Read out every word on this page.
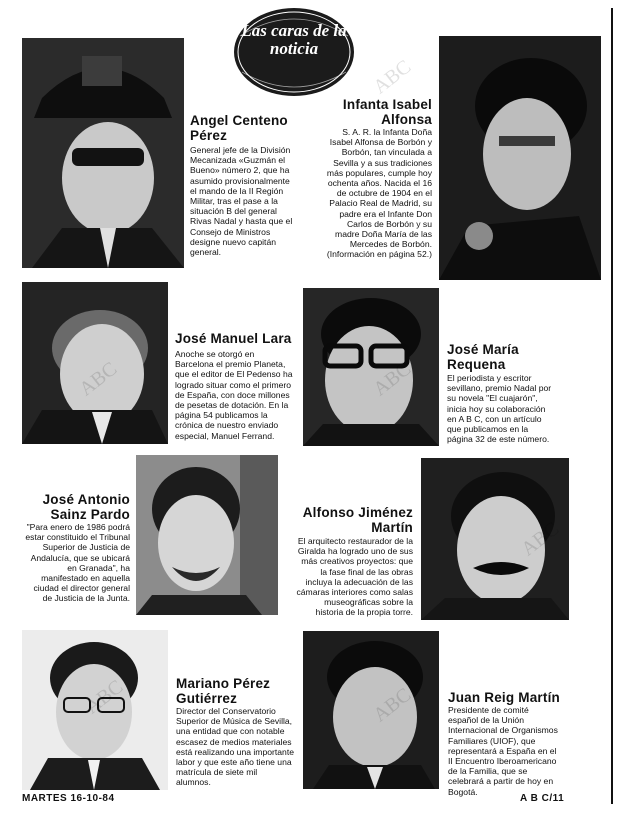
Las caras de la noticia
Angel Centeno Pérez
General jefe de la División Mecanizada «Guzmán el Bueno» número 2, que ha asumido provisionalmente el mando de la II Región Militar, tras el pase a la situación B del general Rivas Nadal y hasta que el Consejo de Ministros designe nuevo capitán general.
Infanta Isabel Alfonsa
S. A. R. la Infanta Doña Isabel Alfonsa de Borbón y Borbón, tan vinculada a Sevilla y a sus tradiciones más populares, cumple hoy ochenta años. Nacida el 16 de octubre de 1904 en el Palacio Real de Madrid, su padre era el Infante Don Carlos de Borbón y su madre Doña María de las Mercedes de Borbón. (Información en página 52.)
José Manuel Lara
Anoche se otorgó en Barcelona el premio Planeta, que el editor de El Pedenso ha logrado situar como el primero de España, con doce millones de pesetas de dotación. En la página 54 publicamos la crónica de nuestro enviado especial, Manuel Ferrand.
José María Requena
El periodista y escritor sevillano, premio Nadal por su novela "El cuajarón", inicia hoy su colaboración en A B C, con un artículo que publicamos en la página 32 de este número.
José Antonio Sainz Pardo
"Para enero de 1986 podrá estar constituido el Tribunal Superior de Justicia de Andalucía, que se ubicará en Granada", ha manifestado en aquella ciudad el director general de Justicia de la Junta.
Alfonso Jiménez Martín
El arquitecto restaurador de la Giralda ha logrado uno de sus más creativos proyectos: que la fase final de las obras incluya la adecuación de las cámaras interiores como salas museográficas sobre la historia de la propia torre.
Mariano Pérez Gutiérrez
Director del Conservatorio Superior de Música de Sevilla, una entidad que con notable escasez de medios materiales está realizando una importante labor y que este año tiene una matrícula de siete mil alumnos.
Juan Reig Martín
Presidente de comité español de la Unión Internacional de Organismos Familiares (UIOF), que representará a España en el II Encuentro Iberoamericano de la Familia, que se celebrará a partir de hoy en Bogotá.
ABC
MARTES 16-10-84	A B C/11
